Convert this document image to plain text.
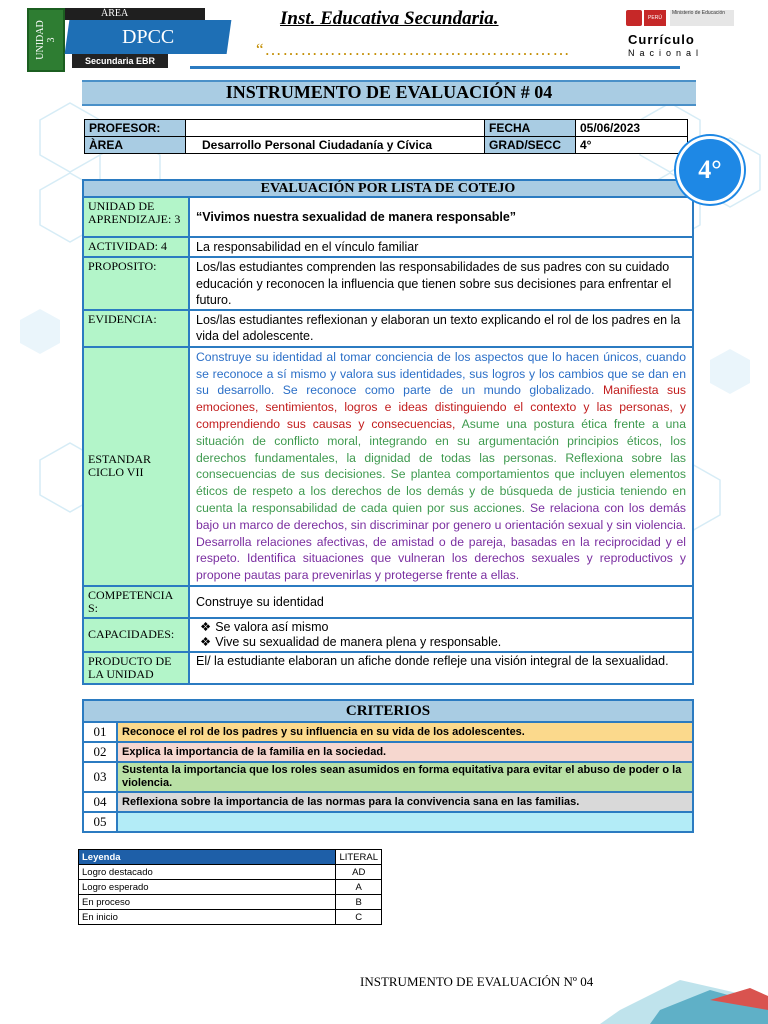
UNIDAD
3
ÁREA
DPCC
Secundaria EBR
Inst. Educativa Secundaria.
“……………………………………………
PERÚ
Ministerio de Educación
Currículo
Nacional
INSTRUMENTO DE EVALUACIÓN # 04
PROFESOR:		FECHA	05/06/2023
ÀREA	Desarrollo Personal Ciudadanía y Cívica	GRAD/SECC	4°
4°
EVALUACIÓN POR LISTA DE COTEJO	
UNIDAD DE APRENDIZAJE: 3	“Vivimos nuestra sexualidad de manera responsable”
ACTIVIDAD: 4	La responsabilidad en el vínculo familiar
PROPOSITO:	Los/las estudiantes comprenden las responsabilidades de sus padres con su cuidado educación y reconocen la influencia que tienen sobre sus decisiones para enfrentar el futuro.
EVIDENCIA:	Los/las estudiantes reflexionan y elaboran un texto explicando el rol de los padres en la vida del adolescente.
ESTANDAR CICLO VII	Construye su identidad al tomar conciencia de los aspectos que lo hacen únicos, cuando se reconoce a sí mismo y valora sus identidades, sus logros y los cambios que se dan en su desarrollo. Se reconoce como parte de un mundo globalizado. Manifiesta sus emociones, sentimientos, logros e ideas distinguiendo el contexto y las personas, y comprendiendo sus causas y consecuencias, Asume una postura ética frente a una situación de conflicto moral, integrando en su argumentación principios éticos, los derechos fundamentales, la dignidad de todas las personas. Reflexiona sobre las consecuencias de sus decisiones. Se plantea comportamientos que incluyen elementos éticos de respeto a los derechos de los demás y de búsqueda de justicia teniendo en cuenta la responsabilidad de cada quien por sus acciones. Se relaciona con los demás bajo un marco de derechos, sin discriminar por genero u orientación sexual y sin violencia. Desarrolla relaciones afectivas, de amistad o de pareja, basadas en la reciprocidad y el respeto. Identifica situaciones que vulneran los derechos sexuales y reproductivos y propone pautas para prevenirlas y protegerse frente a ellas.
COMPETENCIA S:	Construye su identidad
CAPACIDADES:	❖ Se valora así mismo
❖ Vive su sexualidad de manera plena y responsable.

PRODUCTO DE LA UNIDAD	El/ la estudiante elaboran un afiche donde refleje una visión integral de la sexualidad.
CRITERIOS	
01	Reconoce el rol de los padres y su influencia en su vida de los adolescentes.
02	Explica la importancia de la familia en la sociedad.
03	Sustenta la importancia que los roles sean asumidos en forma equitativa para evitar el abuso de poder o la violencia.
04	Reflexiona sobre la importancia de las normas para la convivencia sana en las familias.
05	
Leyenda	LITERAL
Logro destacado	AD
Logro esperado	A
En proceso	B
En inicio	C
INSTRUMENTO DE EVALUACIÓN Nº 04
